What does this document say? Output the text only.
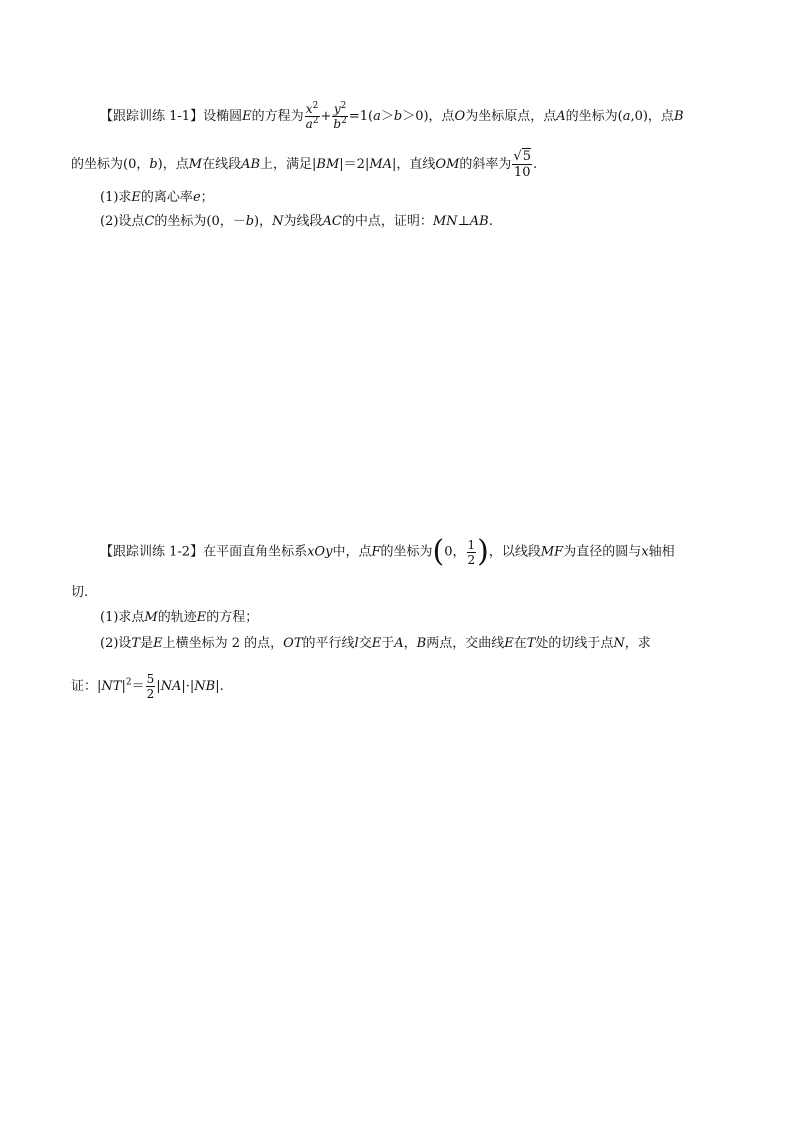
【跟踪训练 1-1】设椭圆E的方程为 $\frac{x^2}{a^2} + \frac{y^2}{b^2} =1(a>b>0)$，点O为坐标原点，点A的坐标为(a,0)，点B
的坐标为(0，b)，点M在线段AB上，满足|BM|＝2|MA|，直线OM的斜率为 $\frac{√5}{10}$ .
(1)求E的离心率e；
(2)设点C的坐标为(0，－b)，N为线段AC的中点，证明：MN⊥AB.
【跟踪训练 1-2】在平面直角坐标系xOy中，点F的坐标为(0， $\frac{1}{2}$ )，以线段MF为直径的圆与x轴相
切.
(1)求点M的轨迹E的方程；
(2)设T是E上横坐标为 2 的点，OT的平行线l交E于A，B两点，交曲线E在T处的切线于点N，求
证：$|NT|^2= \frac{5}{2} |NA|\cdot|NB|$.
